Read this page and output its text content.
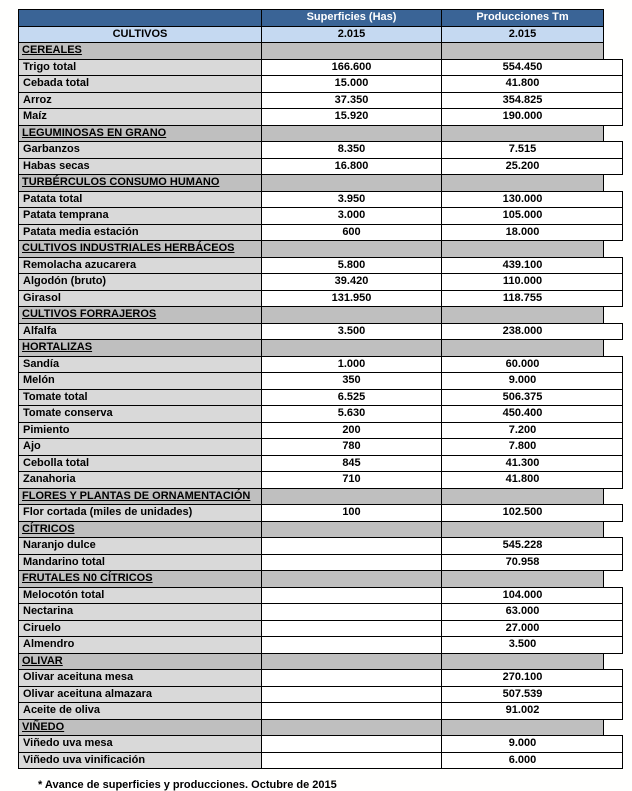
	Superficies (Has)	Producciones Tm	
CULTIVOS	2.015	2.015	
CEREALES			
Trigo total	166.600	554.450	
Cebada total	15.000	41.800	
Arroz	37.350	354.825	
Maíz	15.920	190.000	
LEGUMINOSAS EN GRANO			
Garbanzos	8.350	7.515	
Habas secas	16.800	25.200	
TURBÉRCULOS CONSUMO HUMANO			
Patata total	3.950	130.000	
Patata temprana	3.000	105.000	
Patata media estación	600	18.000	
CULTIVOS INDUSTRIALES HERBÁCEOS			
Remolacha azucarera	5.800	439.100	
Algodón (bruto)	39.420	110.000	
Girasol	131.950	118.755	
CULTIVOS FORRAJEROS			
Alfalfa	3.500	238.000	
HORTALIZAS			
Sandía	1.000	60.000	
Melón	350	9.000	
Tomate total	6.525	506.375	
Tomate conserva	5.630	450.400	
Pimiento	200	7.200	
Ajo	780	7.800	
Cebolla total	845	41.300	
Zanahoria	710	41.800	
FLORES Y PLANTAS DE ORNAMENTACIÓN			
Flor cortada (miles de unidades)	100	102.500	
CÍTRICOS			
Naranjo dulce		545.228	
Mandarino total		70.958	
FRUTALES N0 CÍTRICOS			
Melocotón total		104.000	
Nectarina		63.000	
Ciruelo		27.000	
Almendro		3.500	
OLIVAR			
Olivar aceituna mesa		270.100	
Olivar aceituna almazara		507.539	
Aceite de oliva		91.002	
VIÑEDO			
Viñedo uva mesa		9.000	
Viñedo uva vinificación		6.000	
* Avance de superficies y producciones. Octubre de 2015
